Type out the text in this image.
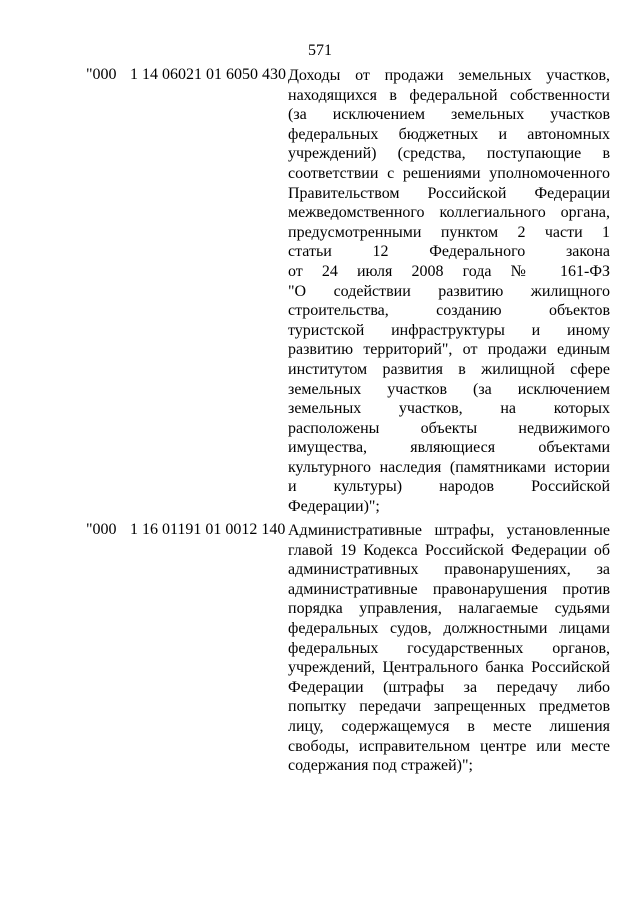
571
"000 1 14 06021 01 6050 430 Доходы от продажи земельных участков,
находящихся в федеральной собственности
(за исключением земельных участков
федеральных бюджетных и автономных
учреждений) (средства, поступающие в
соответствии с решениями уполномоченного
Правительством Российской Федерации
межведомственного коллегиального органа,
предусмотренными пунктом 2 части 1
статьи 12 Федерального закона
от 24 июля 2008 года № 161-ФЗ
"О содействии развитию жилищного
строительства, созданию объектов
туристской инфраструктуры и иному
развитию территорий", от продажи единым
институтом развития в жилищной сфере
земельных участков (за исключением
земельных участков, на которых
расположены объекты недвижимого
имущества, являющиеся объектами
культурного наследия (памятниками истории
и культуры) народов Российской
Федерации)";
"000 1 16 01191 01 0012 140 Административные штрафы, установленные
главой 19 Кодекса Российской Федерации об
административных правонарушениях, за
административные правонарушения против
порядка управления, налагаемые судьями
федеральных судов, должностными лицами
федеральных государственных органов,
учреждений, Центрального банка Российской
Федерации (штрафы за передачу либо
попытку передачи запрещенных предметов
лицу, содержащемуся в месте лишения
свободы, исправительном центре или месте
содержания под стражей)";
